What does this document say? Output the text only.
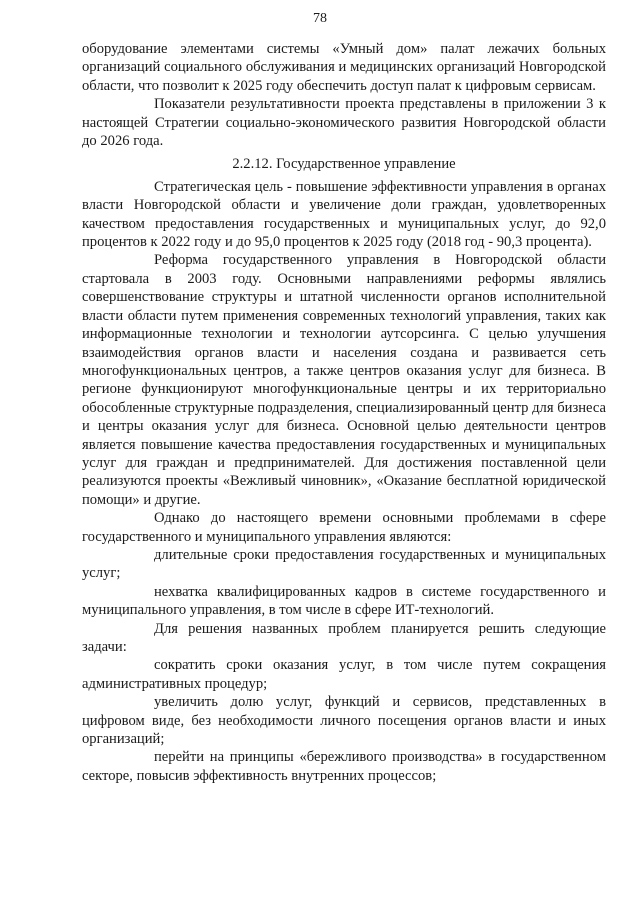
78

оборудование элементами системы «Умный дом» палат лежачих больных организаций социального обслуживания и медицинских организаций Новгородской области, что позволит к 2025 году обеспечить доступ палат к цифровым сервисам.

Показатели результативности проекта представлены в приложении 3 к настоящей Стратегии социально-экономического развития Новгородской области до 2026 года.

2.2.12. Государственное управление

Стратегическая цель - повышение эффективности управления в органах власти Новгородской области и увеличение доли граждан, удовлетворенных качеством предоставления государственных и муниципальных услуг, до 92,0 процентов к 2022 году и до 95,0 процентов к 2025 году (2018 год - 90,3 процента).

Реформа государственного управления в Новгородской области стартовала в 2003 году. Основными направлениями реформы являлись совершенствование структуры и штатной численности органов исполнительной власти области путем применения современных технологий управления, таких как информационные технологии и технологии аутсорсинга. С целью улучшения взаимодействия органов власти и населения создана и развивается сеть многофункциональных центров, а также центров оказания услуг для бизнеса. В регионе функционируют многофункциональные центры и их территориально обособленные структурные подразделения, специализированный центр для бизнеса и центры оказания услуг для бизнеса. Основной целью деятельности центров является повышение качества предоставления государственных и муниципальных услуг для граждан и предпринимателей. Для достижения поставленной цели реализуются проекты «Вежливый чиновник», «Оказание бесплатной юридической помощи» и другие.

Однако до настоящего времени основными проблемами в сфере государственного и муниципального управления являются:

длительные сроки предоставления государственных и муниципальных услуг;

нехватка квалифицированных кадров в системе государственного и муниципального управления, в том числе в сфере ИТ-технологий.

Для решения названных проблем планируется решить следующие задачи:

сократить сроки оказания услуг, в том числе путем сокращения административных процедур;

увеличить долю услуг, функций и сервисов, представленных в цифровом виде, без необходимости личного посещения органов власти и иных организаций;

перейти на принципы «бережливого производства» в государственном секторе, повысив эффективность внутренних процессов;
